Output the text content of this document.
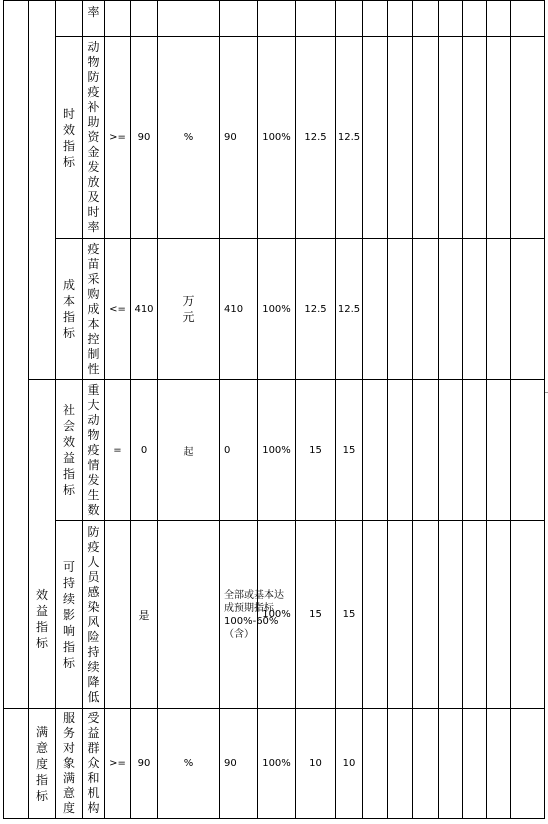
			率															

		时效指标	动物防疫补助资金发放及时率	>=	90	%	90	100%	12.5	12.5								

		成本指标	疫苗采购成本控制性	<=	410	万元	410	100%	12.5	12.5								

	效益指标	社会效益指标	重大动物疫情发生数	=	0	起	0	100%	15	15								

		可持续影响指标	防疫人员感染风险持续降低		是		全部或基本达成预期指标100%-60%（含）	100%	15	15								

	满意度指标	服务对象满意度	受益群众和机构	>=	90	%	90	100%	10	10								
